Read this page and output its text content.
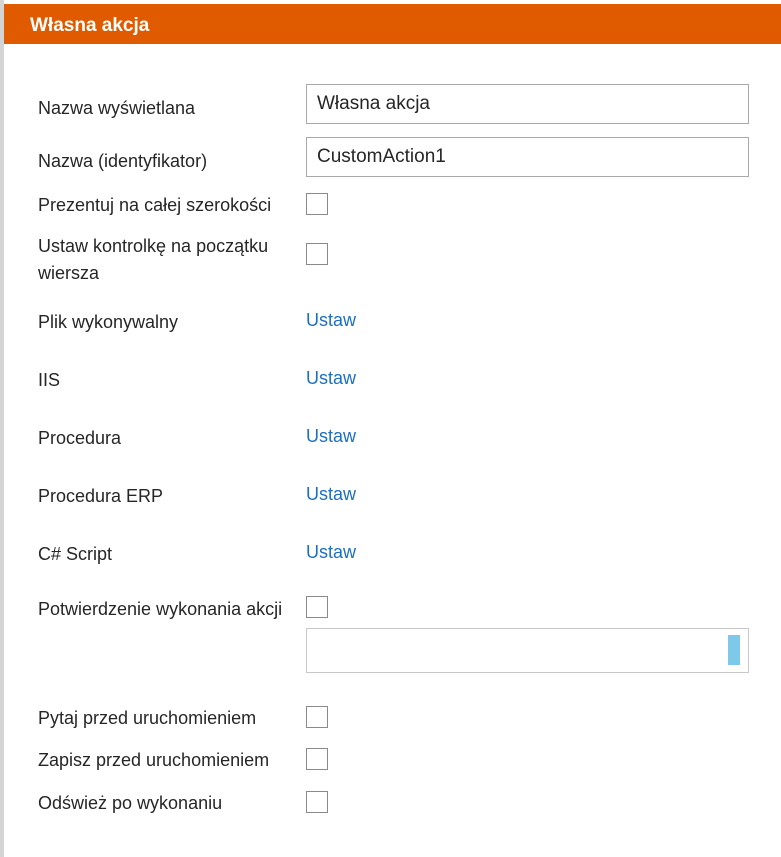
Własna akcja
Nazwa wyświetlana	Własna akcja
Nazwa (identyfikator)	CustomAction1
Prezentuj na całej szerokości
Ustaw kontrolkę na początku wiersza
Plik wykonywalny	Ustaw
IIS	Ustaw
Procedura	Ustaw
Procedura ERP	Ustaw
C# Script	Ustaw
Potwierdzenie wykonania akcji
Pytaj przed uruchomieniem
Zapisz przed uruchomieniem
Odśwież po wykonaniu
